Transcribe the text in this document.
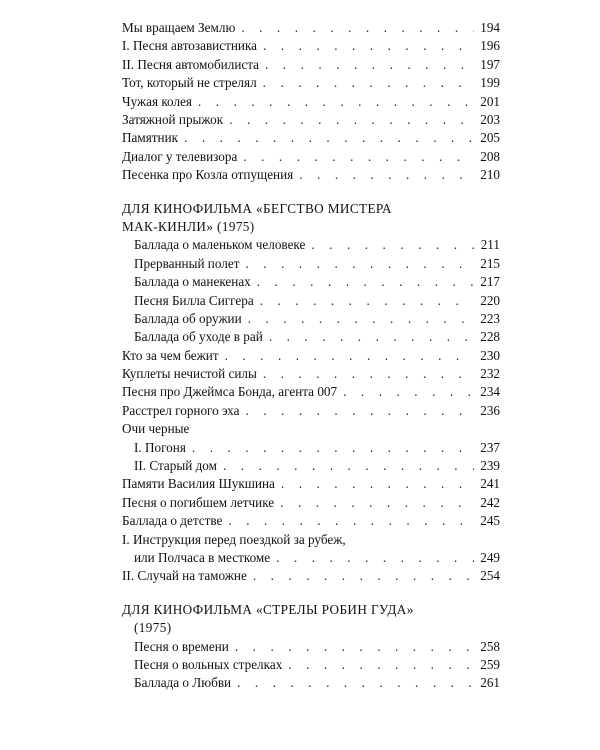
Мы вращаем Землю . . .	194
I. Песня автозавистника . . .	196
II. Песня автомобилиста . . .	197
Тот, который не стрелял . . .	199
Чужая колея . . .	201
Затяжной прыжок . . .	203
Памятник . . .	205
Диалог у телевизора . . .	208
Песенка про Козла отпущения . . .	210
ДЛЯ КИНОФИЛЬМА «БЕГСТВО МИСТЕРА
МАК-КИНЛИ» (1975)
Баллада о маленьком человеке . . .	211
Прерванный полет . . .	215
Баллада о манекенах . . .	217
Песня Билла Сиггера . . .	220
Баллада об оружии . . .	223
Баллада об уходе в рай . . .	228
Кто за чем бежит . . .	230
Куплеты нечистой силы . . .	232
Песня про Джеймса Бонда, агента 007 . . .	234
Расстрел горного эха . . .	236
Очи черные
I. Погоня . . .	237
II. Старый дом . . .	239
Памяти Василия Шукшина . . .	241
Песня о погибшем летчике . . .	242
Баллада о детстве . . .	245
I. Инструкция перед поездкой за рубеж,
или Полчаса в месткоме . . .	249
II. Случай на таможне . . .	254
ДЛЯ КИНОФИЛЬМА «СТРЕЛЫ РОБИН ГУДА»
(1975)
Песня о времени . . .	258
Песня о вольных стрелках . . .	259
Баллада о Любви . . .	261
